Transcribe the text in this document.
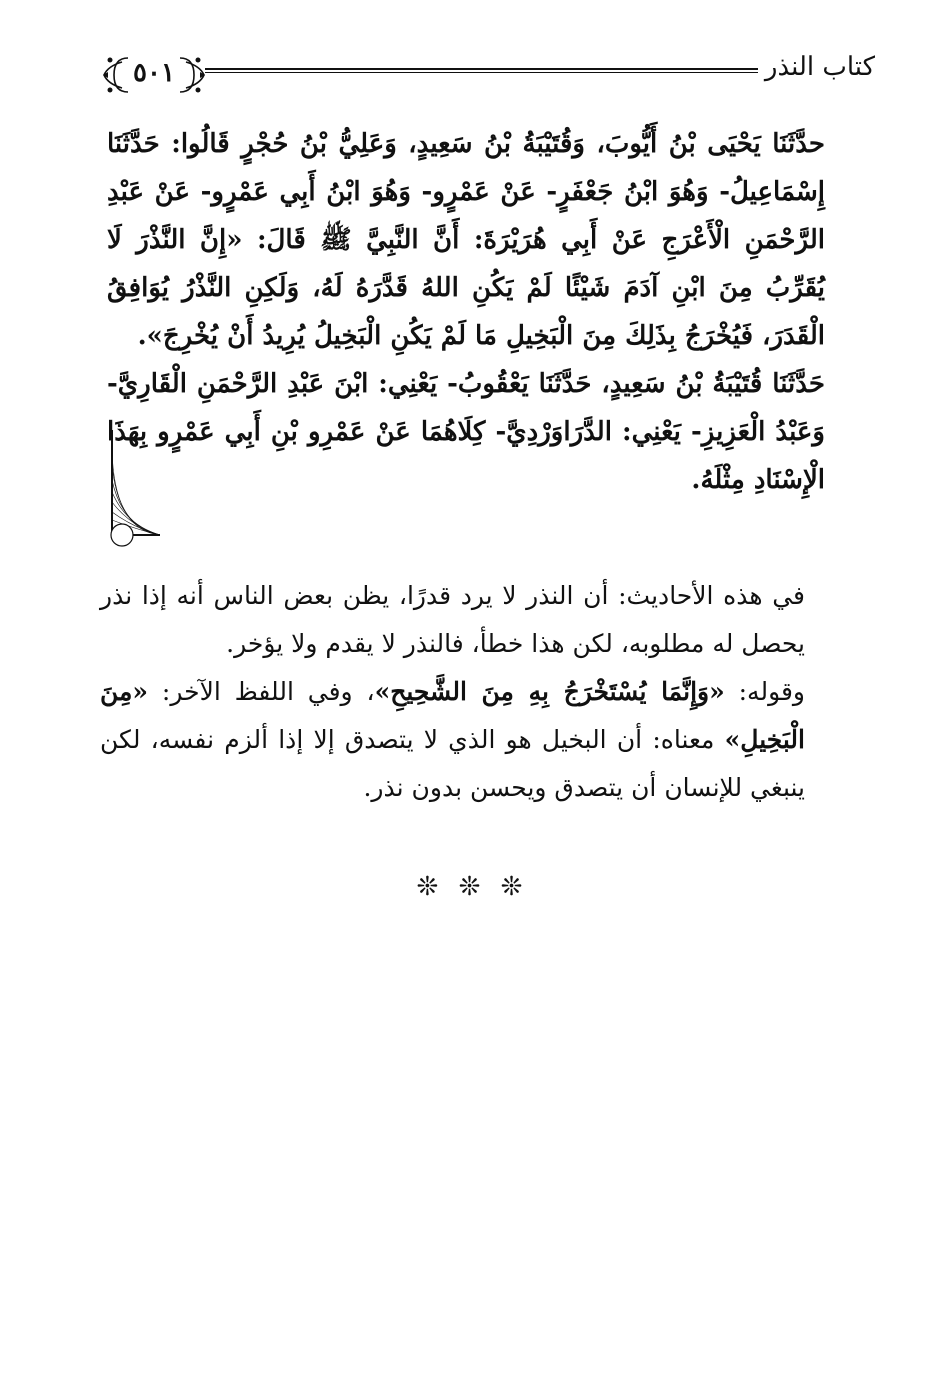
كتاب النذر
٥٠١

حدَّثَنَا يَحْيَى بْنُ أَيُّوبَ، وَقُتَيْبَةُ بْنُ سَعِيدٍ، وَعَلِيُّ بْنُ حُجْرٍ قَالُوا: حَدَّثَنَا إِسْمَاعِيلُ- وَهُوَ ابْنُ جَعْفَرٍ- عَنْ عَمْرٍو- وَهُوَ ابْنُ أَبِي عَمْرٍو- عَنْ عَبْدِ الرَّحْمَنِ الْأَعْرَجِ عَنْ أَبِي هُرَيْرَةَ: أَنَّ النَّبِيَّ ﷺ قَالَ: «إِنَّ النَّذْرَ لَا يُقَرِّبُ مِنَ ابْنِ آدَمَ شَيْئًا لَمْ يَكُنِ اللهُ قَدَّرَهُ لَهُ، وَلَكِنِ النَّذْرُ يُوَافِقُ الْقَدَرَ، فَيُخْرَجُ بِذَلِكَ مِنَ الْبَخِيلِ مَا لَمْ يَكُنِ الْبَخِيلُ يُرِيدُ أَنْ يُخْرِجَ».

حَدَّثَنَا قُتَيْبَةُ بْنُ سَعِيدٍ، حَدَّثَنَا يَعْقُوبُ- يَعْنِي: ابْنَ عَبْدِ الرَّحْمَنِ الْقَارِيَّ- وَعَبْدُ الْعَزِيزِ- يَعْنِي: الدَّرَاوَرْدِيَّ- كِلَاهُمَا عَنْ عَمْرِو بْنِ أَبِي عَمْرٍو بِهَذَا الْإِسْنَادِ مِثْلَهُ.

في هذه الأحاديث: أن النذر لا يرد قدرًا، يظن بعض الناس أنه إذا نذر يحصل له مطلوبه، لكن هذا خطأ، فالنذر لا يقدم ولا يؤخر.

وقوله: «وَإِنَّمَا يُسْتَخْرَجُ بِهِ مِنَ الشَّحِيحِ»، وفي اللفظ الآخر: «مِنَ الْبَخِيلِ» معناه: أن البخيل هو الذي لا يتصدق إلا إذا ألزم نفسه، لكن ينبغي للإنسان أن يتصدق ويحسن بدون نذر.

❊ ❊ ❊
